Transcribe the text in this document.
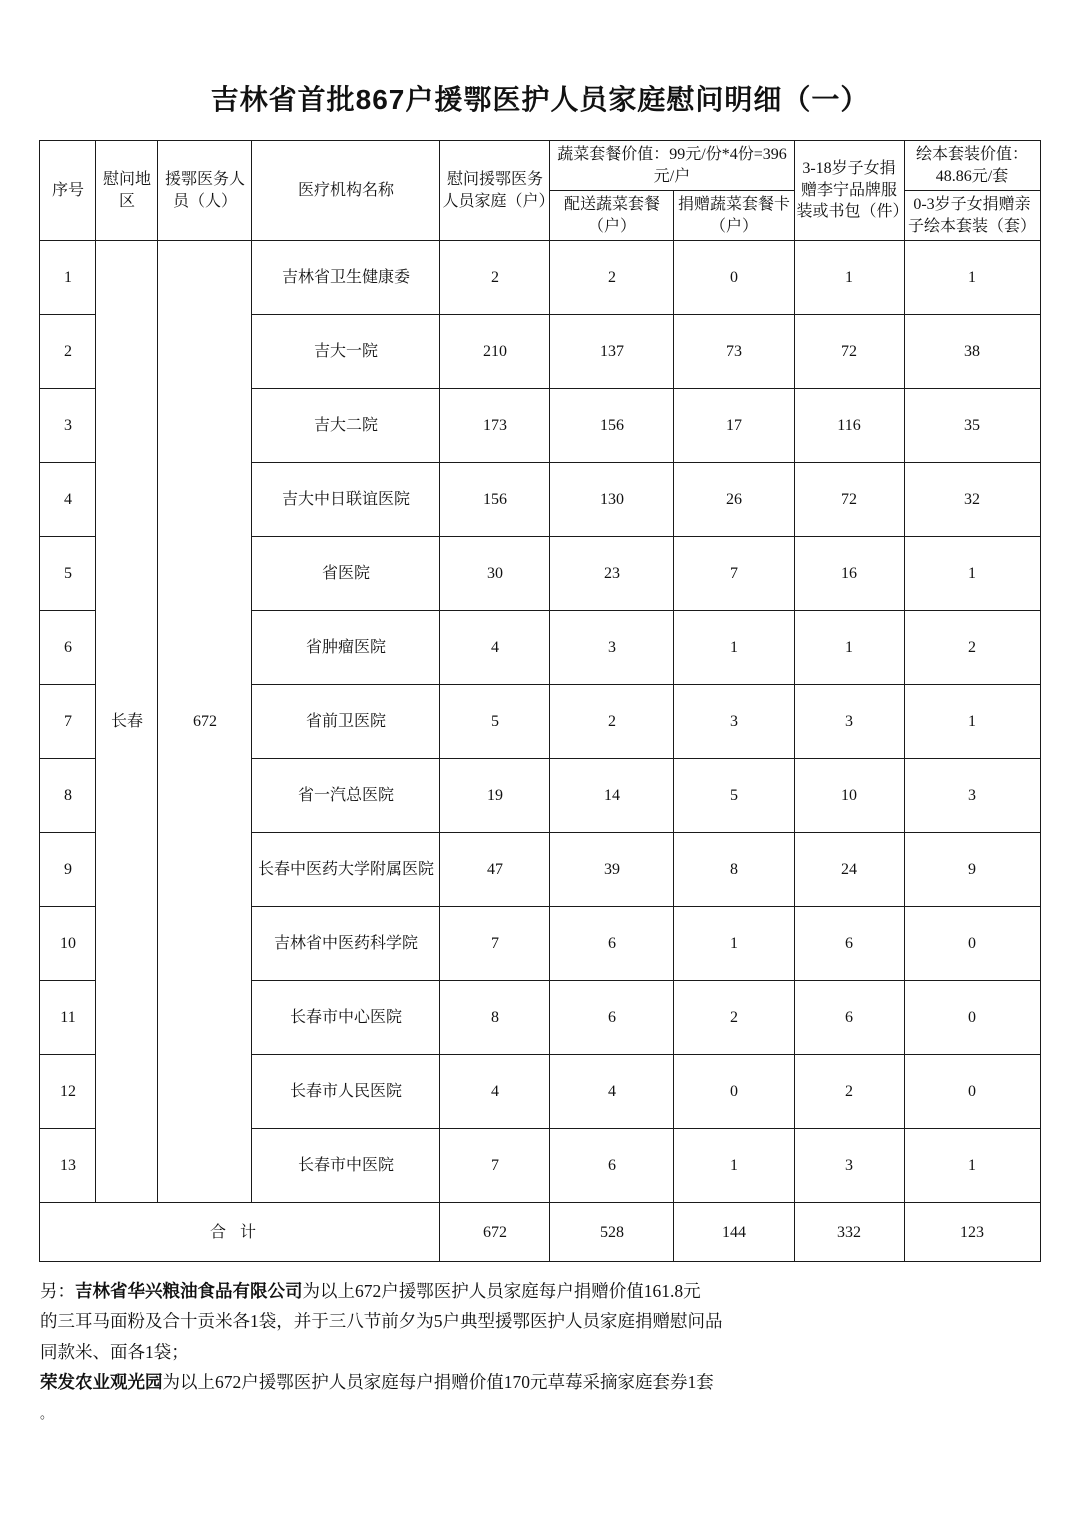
吉林省首批867户援鄂医护人员家庭慰问明细（一）
序号	慰问地区	援鄂医务人员（人）	医疗机构名称	慰问援鄂医务人员家庭（户）	蔬菜套餐价值：99元/份*4份=396元/户		3-18岁子女捐赠李宁品牌服装或书包（件）	绘本套装价值：48.86元/套
					配送蔬菜套餐（户）	捐赠蔬菜套餐卡（户）		0-3岁子女捐赠亲子绘本套装（套）
1	长春	672	吉林省卫生健康委	2	2	0	1	1
2			吉大一院	210	137	73	72	38
3			吉大二院	173	156	17	116	35
4			吉大中日联谊医院	156	130	26	72	32
5			省医院	30	23	7	16	1
6			省肿瘤医院	4	3	1	1	2
7			省前卫医院	5	2	3	3	1
8			省一汽总医院	19	14	5	10	3
9			长春中医药大学附属医院	47	39	8	24	9
10			吉林省中医药科学院	7	6	1	6	0
11			长春市中心医院	8	6	2	6	0
12			长春市人民医院	4	4	0	2	0
13			长春市中医院	7	6	1	3	1
合计				672	528	144	332	123

另：吉林省华兴粮油食品有限公司为以上672户援鄂医护人员家庭每户捐赠价值161.8元

的三耳马面粉及合十贡米各1袋，并于三八节前夕为5户典型援鄂医护人员家庭捐赠慰问品

同款米、面各1袋；

荣发农业观光园为以上672户援鄂医护人员家庭每户捐赠价值170元草莓采摘家庭套券1套

。
